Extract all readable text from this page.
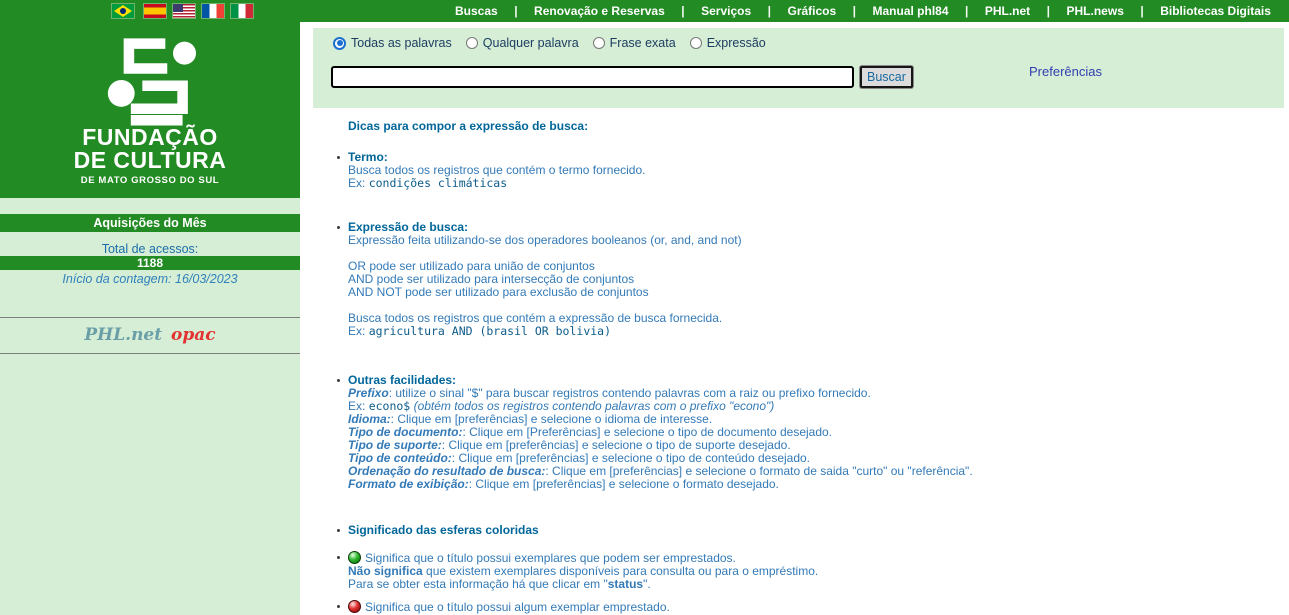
Buscas | Renovação e Reservas | Serviços | Gráficos | Manual phl84 | PHL.net | PHL.news | Bibliotecas Digitais
FUNDAÇÃO
DE CULTURA
DE MATO GROSSO DO SUL
Aquisições do Mês
Total de acessos:
1188
Início da contagem: 16/03/2023
PHL.net opac
Todas as palavras Qualquer palavra Frase exata Expressão
Buscar	Preferências
Dicas para compor a expressão de busca:
Termo:
Busca todos os registros que contém o termo fornecido.
Ex: condições climáticas
Expressão de busca:
Expressão feita utilizando-se dos operadores booleanos (or, and, and not)
OR pode ser utilizado para união de conjuntos
AND pode ser utilizado para intersecção de conjuntos
AND NOT pode ser utilizado para exclusão de conjuntos
Busca todos os registros que contém a expressão de busca fornecida.
Ex: agricultura AND (brasil OR bolivia)
Outras facilidades:
Prefixo: utilize o sinal "$" para buscar registros contendo palavras com a raiz ou prefixo fornecido.
Ex: econo$ (obtém todos os registros contendo palavras com o prefixo "econo")
Idioma:: Clique em [preferências] e selecione o idioma de interesse.
Tipo de documento:: Clique em [Preferências] e selecione o tipo de documento desejado.
Tipo de suporte:: Clique em [preferências] e selecione o tipo de suporte desejado.
Tipo de conteúdo:: Clique em [preferências] e selecione o tipo de conteúdo desejado.
Ordenação do resultado de busca:: Clique em [preferências] e selecione o formato de saida "curto" ou "referência".
Formato de exibição:: Clique em [preferências] e selecione o formato desejado.
Significado das esferas coloridas
Significa que o título possui exemplares que podem ser emprestados.
Não significa que existem exemplares disponíveis para consulta ou para o empréstimo.
Para se obter esta informação há que clicar em "status".
Significa que o título possui algum exemplar emprestado.
